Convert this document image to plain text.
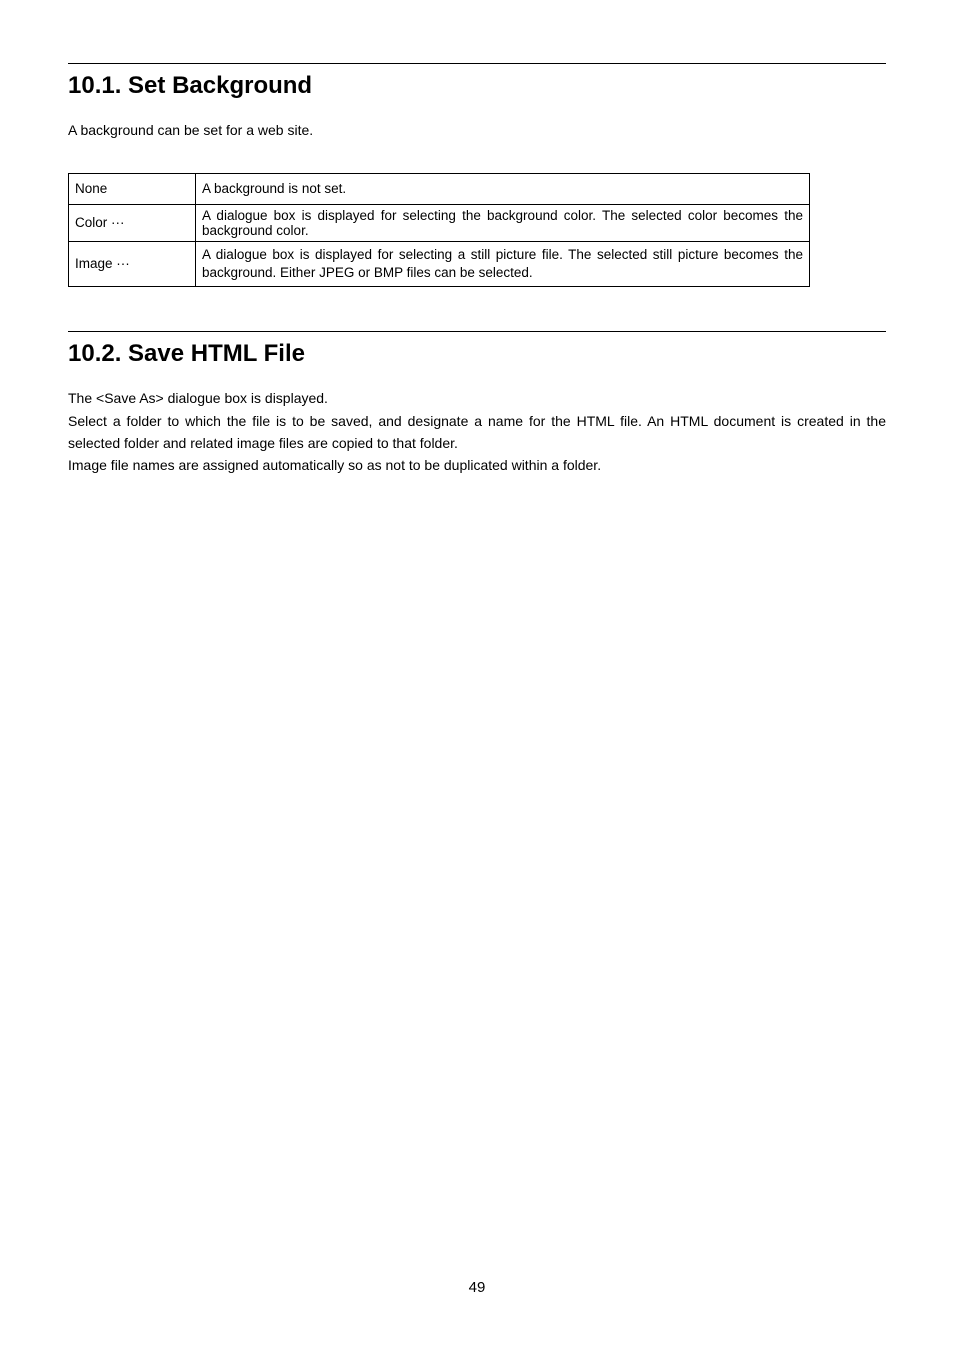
10.1. Set Background

A background can be set for a web site.

None	A background is not set.
Color ···	A dialogue box is displayed for selecting the background color. The selected color becomes the background color.
Image ···	A dialogue box is displayed for selecting a still picture file. The selected still picture becomes the background. Either JPEG or BMP files can be selected.
10.2. Save HTML File

The <Save As> dialogue box is displayed.

Select a folder to which the file is to be saved, and designate a name for the HTML file. An HTML document is created in the selected folder and related image files are copied to that folder.

Image file names are assigned automatically so as not to be duplicated within a folder.

49
